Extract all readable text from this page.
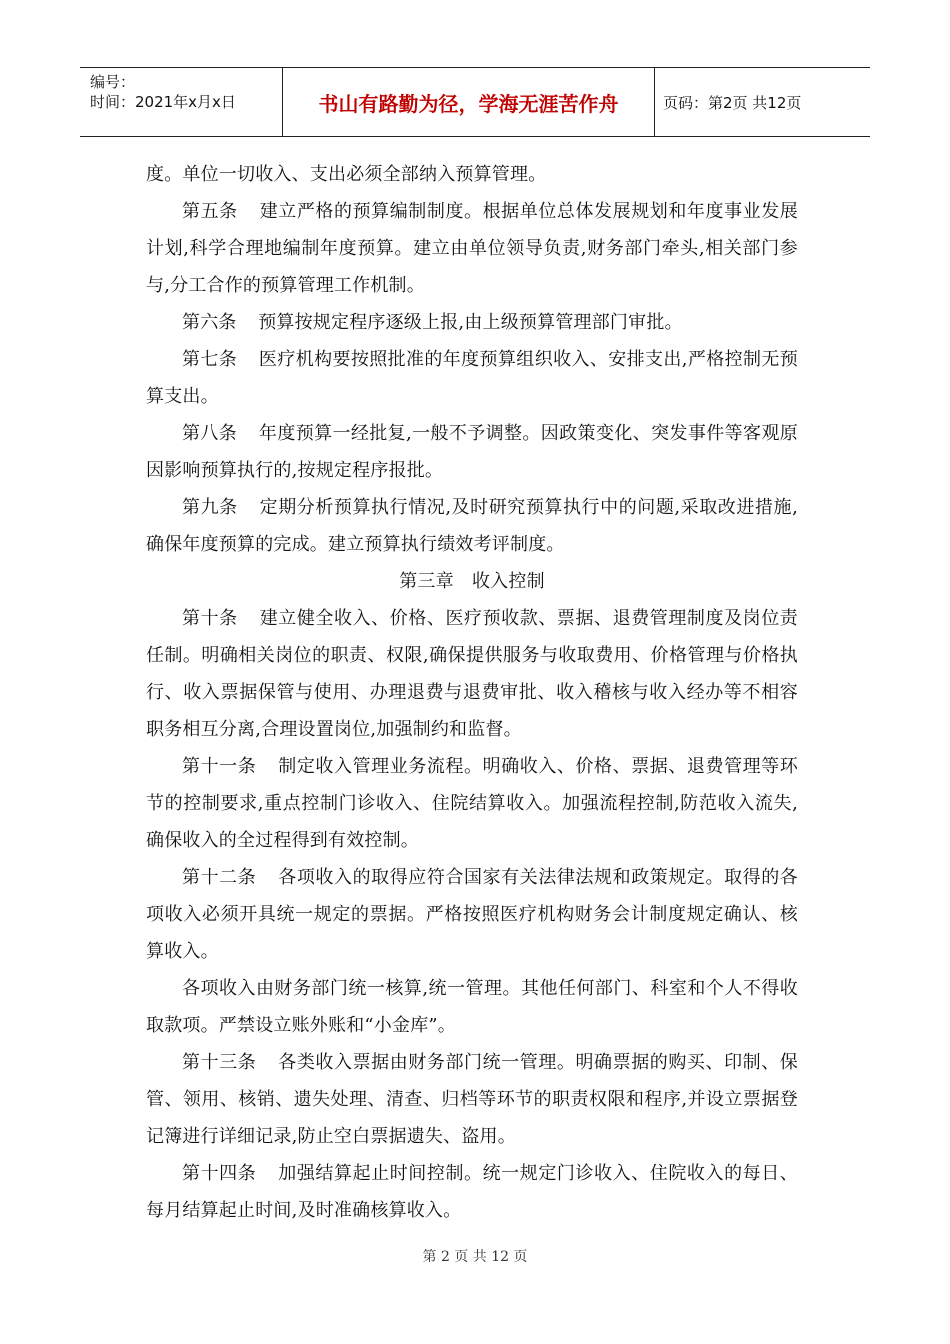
编号：
时间：2021年x月x日	书山有路勤为径，学海无涯苦作舟	页码：第2页 共12页

度。单位一切收入、支出必须全部纳入预算管理。

第五条 建立严格的预算编制制度。根据单位总体发展规划和年度事业发展计划,科学合理地编制年度预算。建立由单位领导负责,财务部门牵头,相关部门参与,分工合作的预算管理工作机制。

第六条 预算按规定程序逐级上报,由上级预算管理部门审批。

第七条 医疗机构要按照批准的年度预算组织收入、安排支出,严格控制无预算支出。

第八条 年度预算一经批复,一般不予调整。因政策变化、突发事件等客观原因影响预算执行的,按规定程序报批。

第九条 定期分析预算执行情况,及时研究预算执行中的问题,采取改进措施,确保年度预算的完成。建立预算执行绩效考评制度。

第三章　收入控制

第十条 建立健全收入、价格、医疗预收款、票据、退费管理制度及岗位责任制。明确相关岗位的职责、权限,确保提供服务与收取费用、价格管理与价格执行、收入票据保管与使用、办理退费与退费审批、收入稽核与收入经办等不相容职务相互分离,合理设置岗位,加强制约和监督。

第十一条 制定收入管理业务流程。明确收入、价格、票据、退费管理等环节的控制要求,重点控制门诊收入、住院结算收入。加强流程控制,防范收入流失,确保收入的全过程得到有效控制。

第十二条 各项收入的取得应符合国家有关法律法规和政策规定。取得的各项收入必须开具统一规定的票据。严格按照医疗机构财务会计制度规定确认、核算收入。

各项收入由财务部门统一核算,统一管理。其他任何部门、科室和个人不得收取款项。严禁设立账外账和“小金库”。

第十三条 各类收入票据由财务部门统一管理。明确票据的购买、印制、保管、领用、核销、遗失处理、清查、归档等环节的职责权限和程序,并设立票据登记簿进行详细记录,防止空白票据遗失、盗用。

第十四条 加强结算起止时间控制。统一规定门诊收入、住院收入的每日、每月结算起止时间,及时准确核算收入。

第 2 页 共 12 页
